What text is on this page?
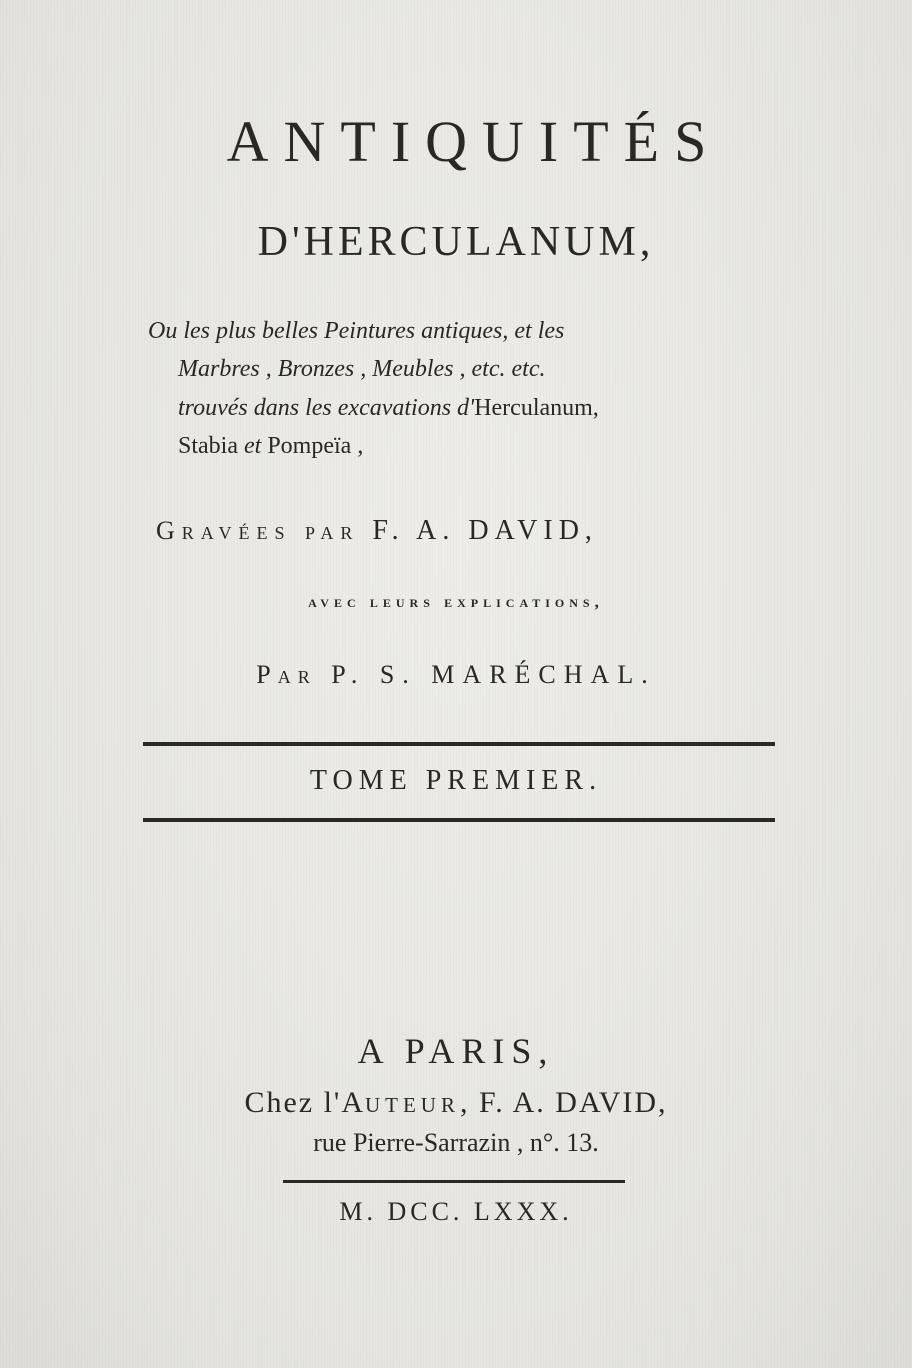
ANTIQUITÉS
D'HERCULANUM,
Ou les plus belles Peintures antiques, et les
Marbres , Bronzes , Meubles , etc. etc.
trouvés dans les excavations d'Herculanum,
Stabia et Pompeïa ,
Gravées par F. A. DAVID,
avec leurs explications,
Par P. S. MARÉCHAL.
TOME PREMIER.
A PARIS,
Chez l'Auteur, F. A. DAVID,
rue Pierre-Sarrazin , n°. 13.
M. DCC. LXXX.
